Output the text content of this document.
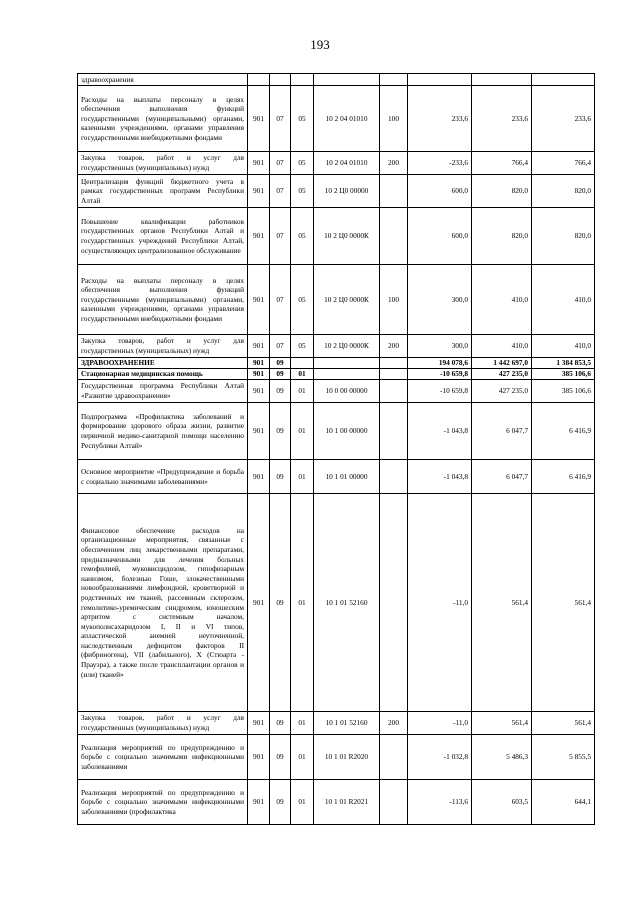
193
здравоохранения								
Расходы на выплаты персоналу в целях обеспечения выполнения функций государственными (муниципальными) органами, казенными учреждениями, органами управления государственными внебюджетными фондами	901	07	05	10 2 04 01010	100	233,6	233,6	233,6
Закупка товаров, работ и услуг для государственных (муниципальных) нужд	901	07	05	10 2 04 01010	200	-233,6	766,4	766,4
Централизация функций бюджетного учета в рамках государственных программ Республики Алтай	901	07	05	10 2 Ц0 00000		600,0	820,0	820,0
Повышение квалификации работников государственных органов Республики Алтай и государственных учреждений Республики Алтай, осуществляющих централизованное обслуживание	901	07	05	10 2 Ц0 0000К		600,0	820,0	820,0
Расходы на выплаты персоналу в целях обеспечения выполнения функций государственными (муниципальными) органами, казенными учреждениями, органами управления государственными внебюджетными фондами	901	07	05	10 2 Ц0 0000К	100	300,0	410,0	410,0
Закупка товаров, работ и услуг для государственных (муниципальных) нужд	901	07	05	10 2 Ц0 0000К	200	300,0	410,0	410,0
ЗДРАВООХРАНЕНИЕ	901	09				194 078,6	1 442 697,0	1 384 853,5
Стационарная медицинская помощь	901	09	01			-10 659,8	427 235,0	385 106,6
Государственная программа Республики Алтай «Развитие здравоохранения»	901	09	01	10 0 00 00000		-10 659,8	427 235,0	385 106,6
Подпрограмма «Профилактика заболеваний и формирование здорового образа жизни, развитие первичной медико-санитарной помощи населению Республики Алтай»	901	09	01	10 1 00 00000		-1 043,8	6 047,7	6 416,9
Основное мероприятие «Предупреждение и борьба с социально значимыми заболеваниями»	901	09	01	10 1 01 00000		-1 043,8	6 047,7	6 416,9
Финансовое обеспечение расходов на организационные мероприятия, связанные с обеспечением лиц лекарственными препаратами, предназначенными для лечения больных гемофилией, муковисцидозом, гипофизарным нанизмом, болезнью Гоше, злокачественными новообразованиями лимфоидной, кроветворной и родственных им тканей, рассеянным склерозом, гемолитико-уремическим синдромом, юношеским артритом с системным началом, мукополисахаридозом I, II и VI типов, апластической анемией неуточненной, наследственным дефицитом факторов II (фибриногена), VII (лабильного), X (Стюарта - Прауэра), а также после трансплантации органов и (или) тканей»	901	09	01	10 1 01 52160		-11,0	561,4	561,4
Закупка товаров, работ и услуг для государственных (муниципальных) нужд	901	09	01	10 1 01 52160	200	-11,0	561,4	561,4
Реализация мероприятий по предупреждению и борьбе с социально значимыми инфекционными заболеваниями	901	09	01	10 1 01 R2020		-1 032,8	5 486,3	5 855,5
Реализация мероприятий по предупреждению и борьбе с социально значимыми инфекционными заболеваниями (профилактика	901	09	01	10 1 01 R2021		-113,6	603,5	644,1
